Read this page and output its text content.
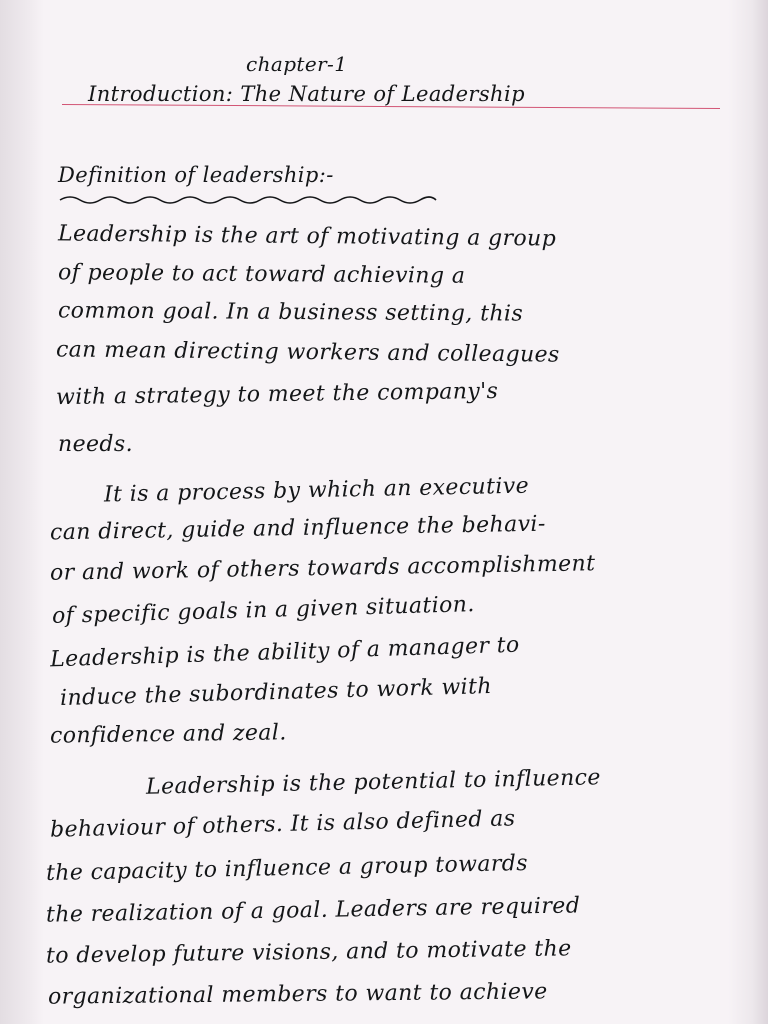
chapter-1
Introduction: The Nature of Leadership
Definition of leadership:-
Leadership is the art of motivating a group
of people to act toward achieving a
common goal. In a business setting, this
can mean directing workers and colleagues
with a strategy to meet the company's
needs.
It is a process by which an executive
can direct, guide and influence the behavi-
or and work of others towards accomplishment
of specific goals in a given situation.
Leadership is the ability of a manager to
induce the subordinates to work with
confidence and zeal.
Leadership is the potential to influence
behaviour of others. It is also defined as
the capacity to influence a group towards
the realization of a goal. Leaders are required
to develop future visions, and to motivate the
organizational members to want to achieve
